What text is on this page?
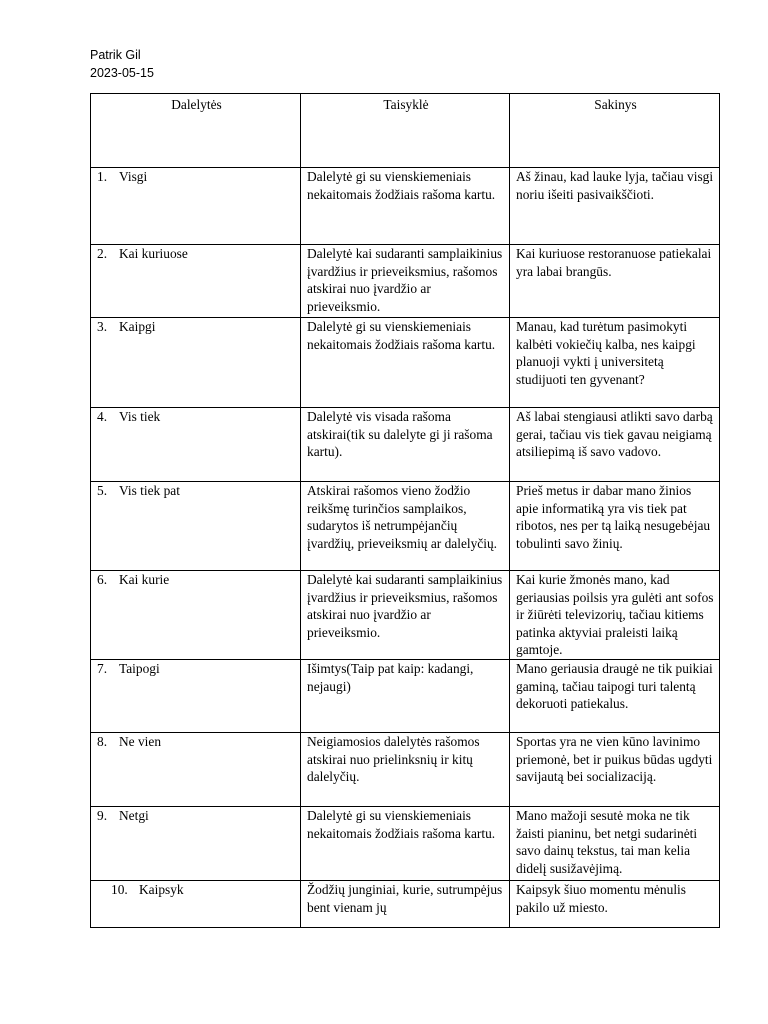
Patrik Gil
2023-05-15
Dalelytės	Taisyklė	Sakinys
1. Visgi	Dalelytė gi su vienskiemeniais nekaitomais žodžiais rašoma kartu.	Aš žinau, kad lauke lyja, tačiau visgi noriu išeiti pasivaikščioti.
2. Kai kuriuose	Dalelytė kai sudaranti samplaikinius įvardžius ir prieveiksmius, rašomos atskirai nuo įvardžio ar prieveiksmio.	Kai kuriuose restoranuose patiekalai yra labai brangūs.
3. Kaipgi	Dalelytė gi su vienskiemeniais nekaitomais žodžiais rašoma kartu.	Manau, kad turėtum pasimokyti kalbėti vokiečių kalba, nes kaipgi planuoji vykti į universitetą studijuoti ten gyvenant?
4. Vis tiek	Dalelytė vis visada rašoma atskirai(tik su dalelyte gi ji rašoma kartu).	Aš labai stengiausi atlikti savo darbą gerai, tačiau vis tiek gavau neigiamą atsiliepimą iš savo vadovo.
5. Vis tiek pat	Atskirai rašomos vieno žodžio reikšmę turinčios samplaikos, sudarytos iš netrumpėjančių įvardžių, prieveiksmių ar dalelyčių.	Prieš metus ir dabar mano žinios apie informatiką yra vis tiek pat ribotos, nes per tą laiką nesugebėjau tobulinti savo žinių.
6. Kai kurie	Dalelytė kai sudaranti samplaikinius įvardžius ir prieveiksmius, rašomos atskirai nuo įvardžio ar prieveiksmio.	Kai kurie žmonės mano, kad geriausias poilsis yra gulėti ant sofos ir žiūrėti televizorių, tačiau kitiems patinka aktyviai praleisti laiką gamtoje.
7. Taipogi	Išimtys(Taip pat kaip: kadangi, nejaugi)	Mano geriausia draugė ne tik puikiai gaminą, tačiau taipogi turi talentą dekoruoti patiekalus.
8. Ne vien	Neigiamosios dalelytės rašomos atskirai nuo prielinksnių ir kitų dalelyčių.	Sportas yra ne vien kūno lavinimo priemonė, bet ir puikus būdas ugdyti savijautą bei socializaciją.
9. Netgi	Dalelytė gi su vienskiemeniais nekaitomais žodžiais rašoma kartu.	Mano mažoji sesutė moka ne tik žaisti pianinu, bet netgi sudarinėti savo dainų tekstus, tai man kelia didelį susižavėjimą.
10. Kaipsyk	Žodžių junginiai, kurie, sutrumpėjus bent vienam jų	Kaipsyk šiuo momentu mėnulis pakilo už miesto.
